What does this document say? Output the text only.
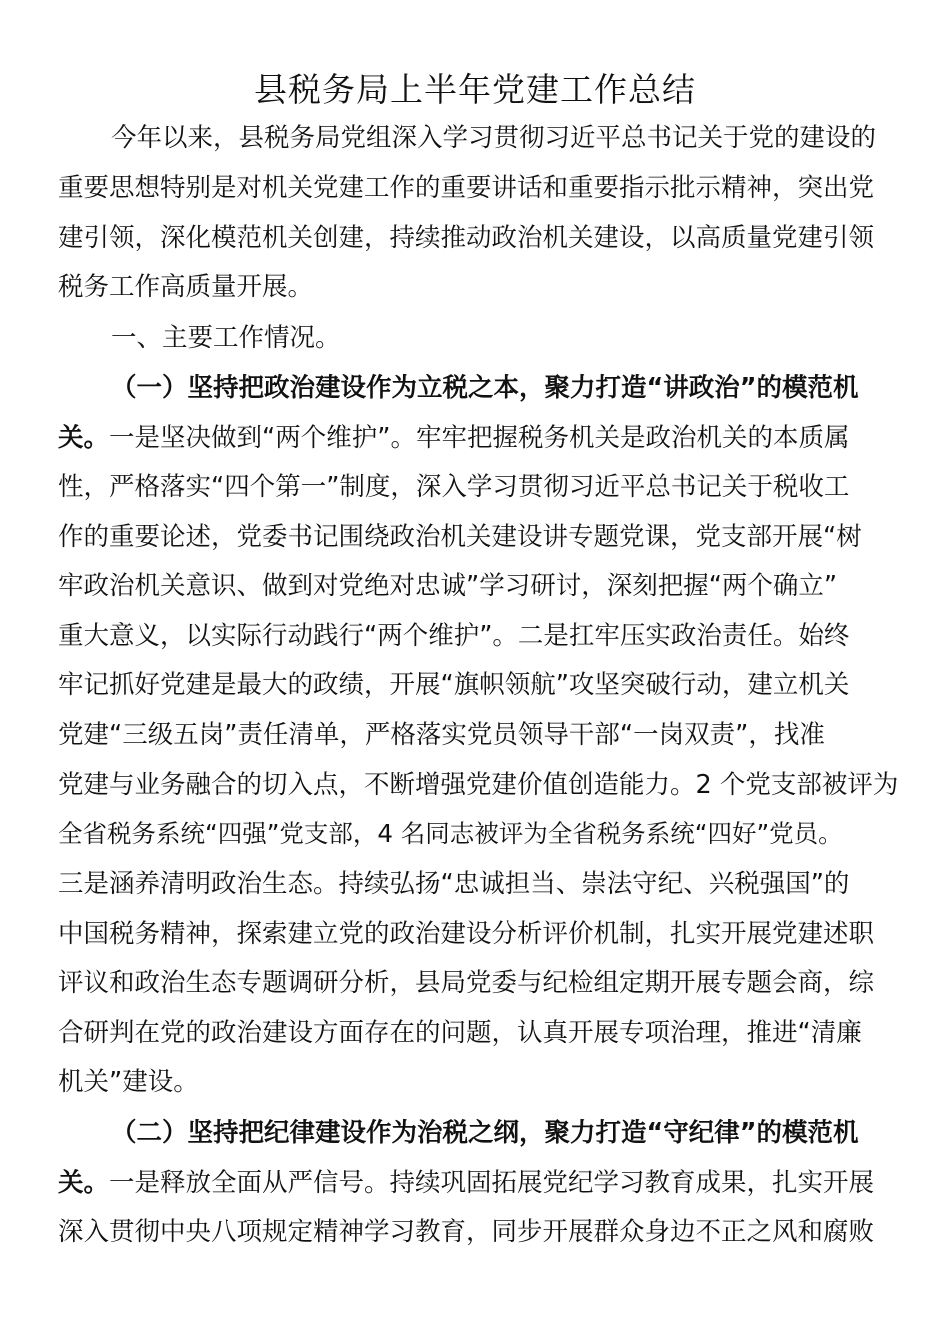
县税务局上半年党建工作总结
今年以来，县税务局党组深入学习贯彻习近平总书记关于党的建设的
重要思想特别是对机关党建工作的重要讲话和重要指示批示精神，突出党
建引领，深化模范机关创建，持续推动政治机关建设，以高质量党建引领
税务工作高质量开展。
一、主要工作情况。
（一）坚持把政治建设作为立税之本，聚力打造“讲政治”的模范机
关。一是坚决做到“两个维护”。牢牢把握税务机关是政治机关的本质属
性，严格落实“四个第一”制度，深入学习贯彻习近平总书记关于税收工
作的重要论述，党委书记围绕政治机关建设讲专题党课，党支部开展“树
牢政治机关意识、做到对党绝对忠诚”学习研讨，深刻把握“两个确立”
重大意义，以实际行动践行“两个维护”。二是扛牢压实政治责任。始终
牢记抓好党建是最大的政绩，开展“旗帜领航”攻坚突破行动，建立机关
党建“三级五岗”责任清单，严格落实党员领导干部“一岗双责”，找准
党建与业务融合的切入点，不断增强党建价值创造能力。2 个党支部被评为
全省税务系统“四强”党支部，4 名同志被评为全省税务系统“四好”党员。
三是涵养清明政治生态。持续弘扬“忠诚担当、崇法守纪、兴税强国”的
中国税务精神，探索建立党的政治建设分析评价机制，扎实开展党建述职
评议和政治生态专题调研分析，县局党委与纪检组定期开展专题会商，综
合研判在党的政治建设方面存在的问题，认真开展专项治理，推进“清廉
机关”建设。
（二）坚持把纪律建设作为治税之纲，聚力打造“守纪律”的模范机
关。一是释放全面从严信号。持续巩固拓展党纪学习教育成果，扎实开展
深入贯彻中央八项规定精神学习教育，同步开展群众身边不正之风和腐败
